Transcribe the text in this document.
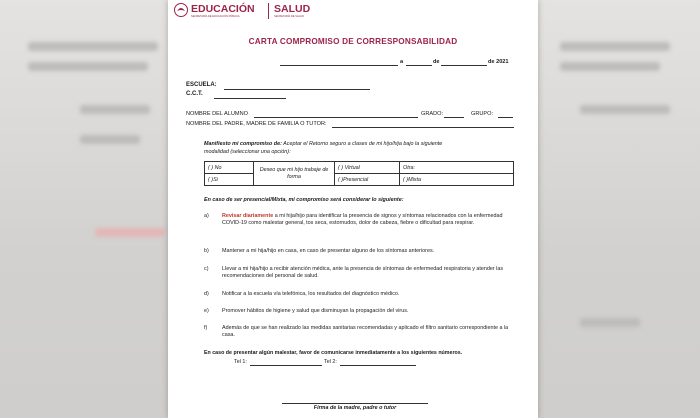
EDUCACIÓN
SECRETARÍA DE EDUCACIÓN PÚBLICA
SALUD
SECRETARÍA DE SALUD
CARTA COMPROMISO DE CORRESPONSABILIDAD
a	de	de 2021
ESCUELA:
C.C.T.
NOMBRE DEL ALUMNO	GRADO:	GRUPO:
NOMBRE DEL PADRE, MADRE DE FAMILIA O TUTOR:
Manifiesto mi compromiso de: Aceptar el Retorno seguro a clases de mi hijo/hija bajo la siguiente
modalidad (seleccionar una opción):
( ) No	Deseo que mi hijo trabaje de forma	( ) Virtual	Otra:
( )Si		( )Presencial	( )Mixta
En caso de ser presencial/Mixta, mi compromiso será considerar lo siguiente:
a) Revisar diariamente a mi hija/hijo para identificar la presencia de signos y síntomas relacionados con la enfermedad COVID-19 como malestar general, tos seca, estornudos, dolor de cabeza, fiebre o dificultad para respirar.
b) Mantener a mi hija/hijo en casa, en caso de presentar alguno de los síntomas anteriores.
c)	Llevar a mi hija/hijo a recibir atención médica, ante la presencia de síntomas de enfermedad respiratoria y atender las recomendaciones del personal de salud.
d) Notificar a la escuela vía telefónica, los resultados del diagnóstico médico.
e) Promover hábitos de higiene y salud que disminuyan la propagación del virus.
f)	Además de que se han realizado las medidas sanitarias recomendadas y aplicado el filtro sanitario correspondiente a la casa.
En caso de presentar algún malestar, favor de comunicarse inmediatamente a los siguientes números.
Tel 1:	Tel 2:
Firma de la madre, padre o tutor
